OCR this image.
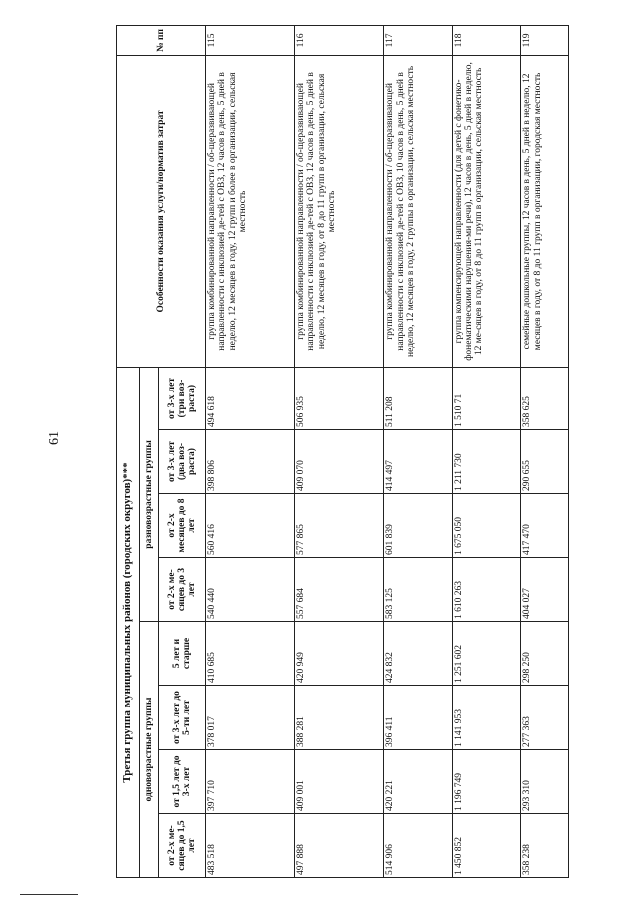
61
Третья группа муниципальных районов (городских округов)***								Особенности оказания услуги/норматив затрат	№ пп
одновозрастные группы				разновозрастные группы					
от 2-х ме-сяцев до 1,5 лет	от 1,5 лет до 3-х лет	от 3-х лет до 5-ти лет	5 лет и старше	от 2-х ме-сяцев до 3 лет	от 2-х месяцев до 8 лет	от 3-х лет (два воз-раста)	от 3-х лет (три воз-раста)		
483 518	397 710	378 017	410 685	540 440	560 416	398 806	494 618	группа комбинированной направленности / об-щеразвивающей направленности с инклюзией де-тей с ОВЗ, 12 часов в день, 5 дней в неделю, 12 месяцев в году, 12 групп и более в организации, сельская местность	115
497 888	409 001	388 281	420 949	557 684	577 865	409 070	506 935	группа комбинированной направленности / об-щеразвивающей направленности с инклюзией де-тей с ОВЗ, 12 часов в день, 5 дней в неделю, 12 месяцев в году, от 8 до 11 групп в организации, сельская местность	116
514 906	420 221	396 411	424 832	583 125	601 839	414 497	511 208	группа комбинированной направленности / об-щеразвивающей направленности с инклюзией де-тей с ОВЗ, 10 часов в день, 5 дней в неделю, 12 месяцев в году, 2 группы в организации, сельская местность	117
1 450 852	1 196 749	1 141 953	1 251 602	1 610 263	1 675 050	1 211 730	1 510 71	группа компенсирующей направленности (для детей с фонетико-фонематическими нарушения-ми речи), 12 часов в день, 5 дней в неделю, 12 ме-сяцев в году, от 8 до 11 групп в организации, сельская местность	118
358 238	293 310	277 363	298 250	404 027	417 470	290 655	358 625	семейные дошкольные группы, 12 часов в день, 5 дней в неделю, 12 месяцев в году, от 8 до 11 групп в организации, городская местность	119
